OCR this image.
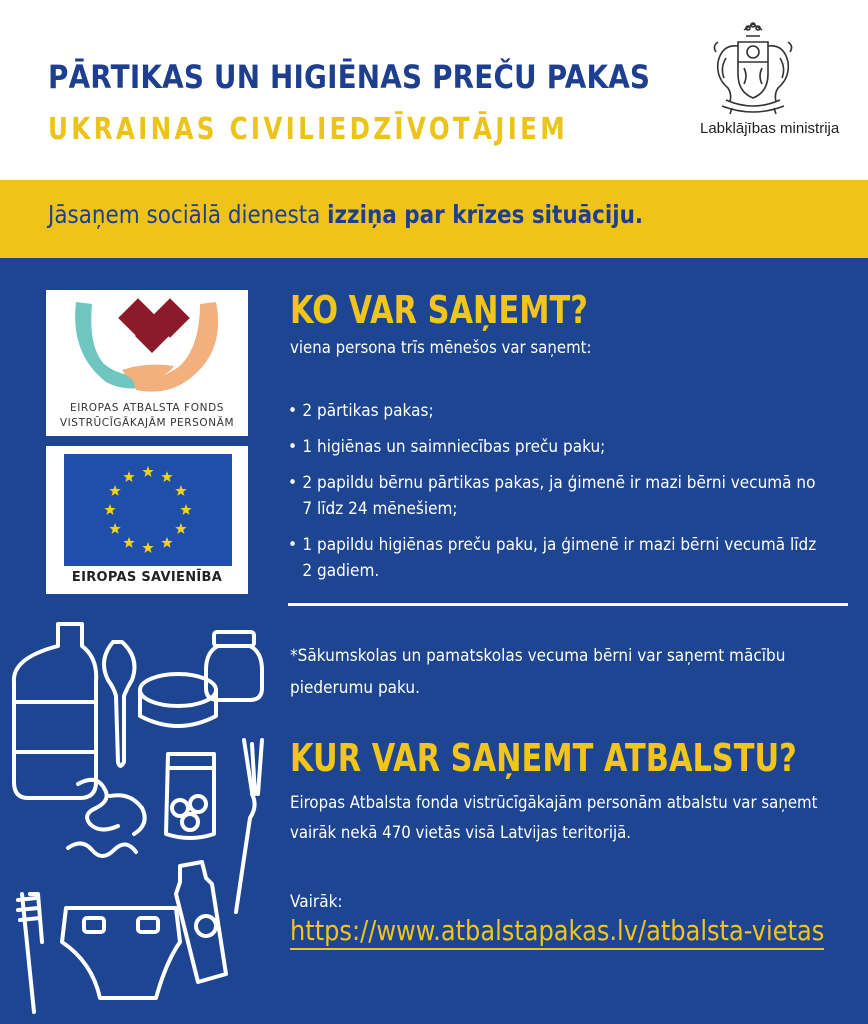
PĀRTIKAS UN HIGIĒNAS PREČU PAKAS
UKRAINAS CIVILIEDZĪVOTĀJIEM	Labklājības ministrija
Jāsaņem sociālā dienesta izziņa par krīzes situāciju.
EIROPAS ATBALSTA FONDS
VISTRŪCĪGĀKAJĀM PERSONĀM
EIROPAS SAVIENĪBA
KO VAR SAŅEMT?
viena persona trīs mēnešos var saņemt:
• 2 pārtikas pakas;
• 1 higiēnas un saimniecības preču paku;
• 2 papildu bērnu pārtikas pakas, ja ģimenē ir mazi bērni vecumā no 7 līdz 24 mēnešiem;
• 1 papildu higiēnas preču paku, ja ģimenē ir mazi bērni vecumā līdz 2 gadiem.
*Sākumskolas un pamatskolas vecuma bērni var saņemt mācību piederumu paku.
KUR VAR SAŅEMT ATBALSTU?
Eiropas Atbalsta fonda vistrūcīgākajām personām atbalstu var saņemt vairāk nekā 470 vietās visā Latvijas teritorijā.
Vairāk:
https://www.atbalstapakas.lv/atbalsta-vietas
